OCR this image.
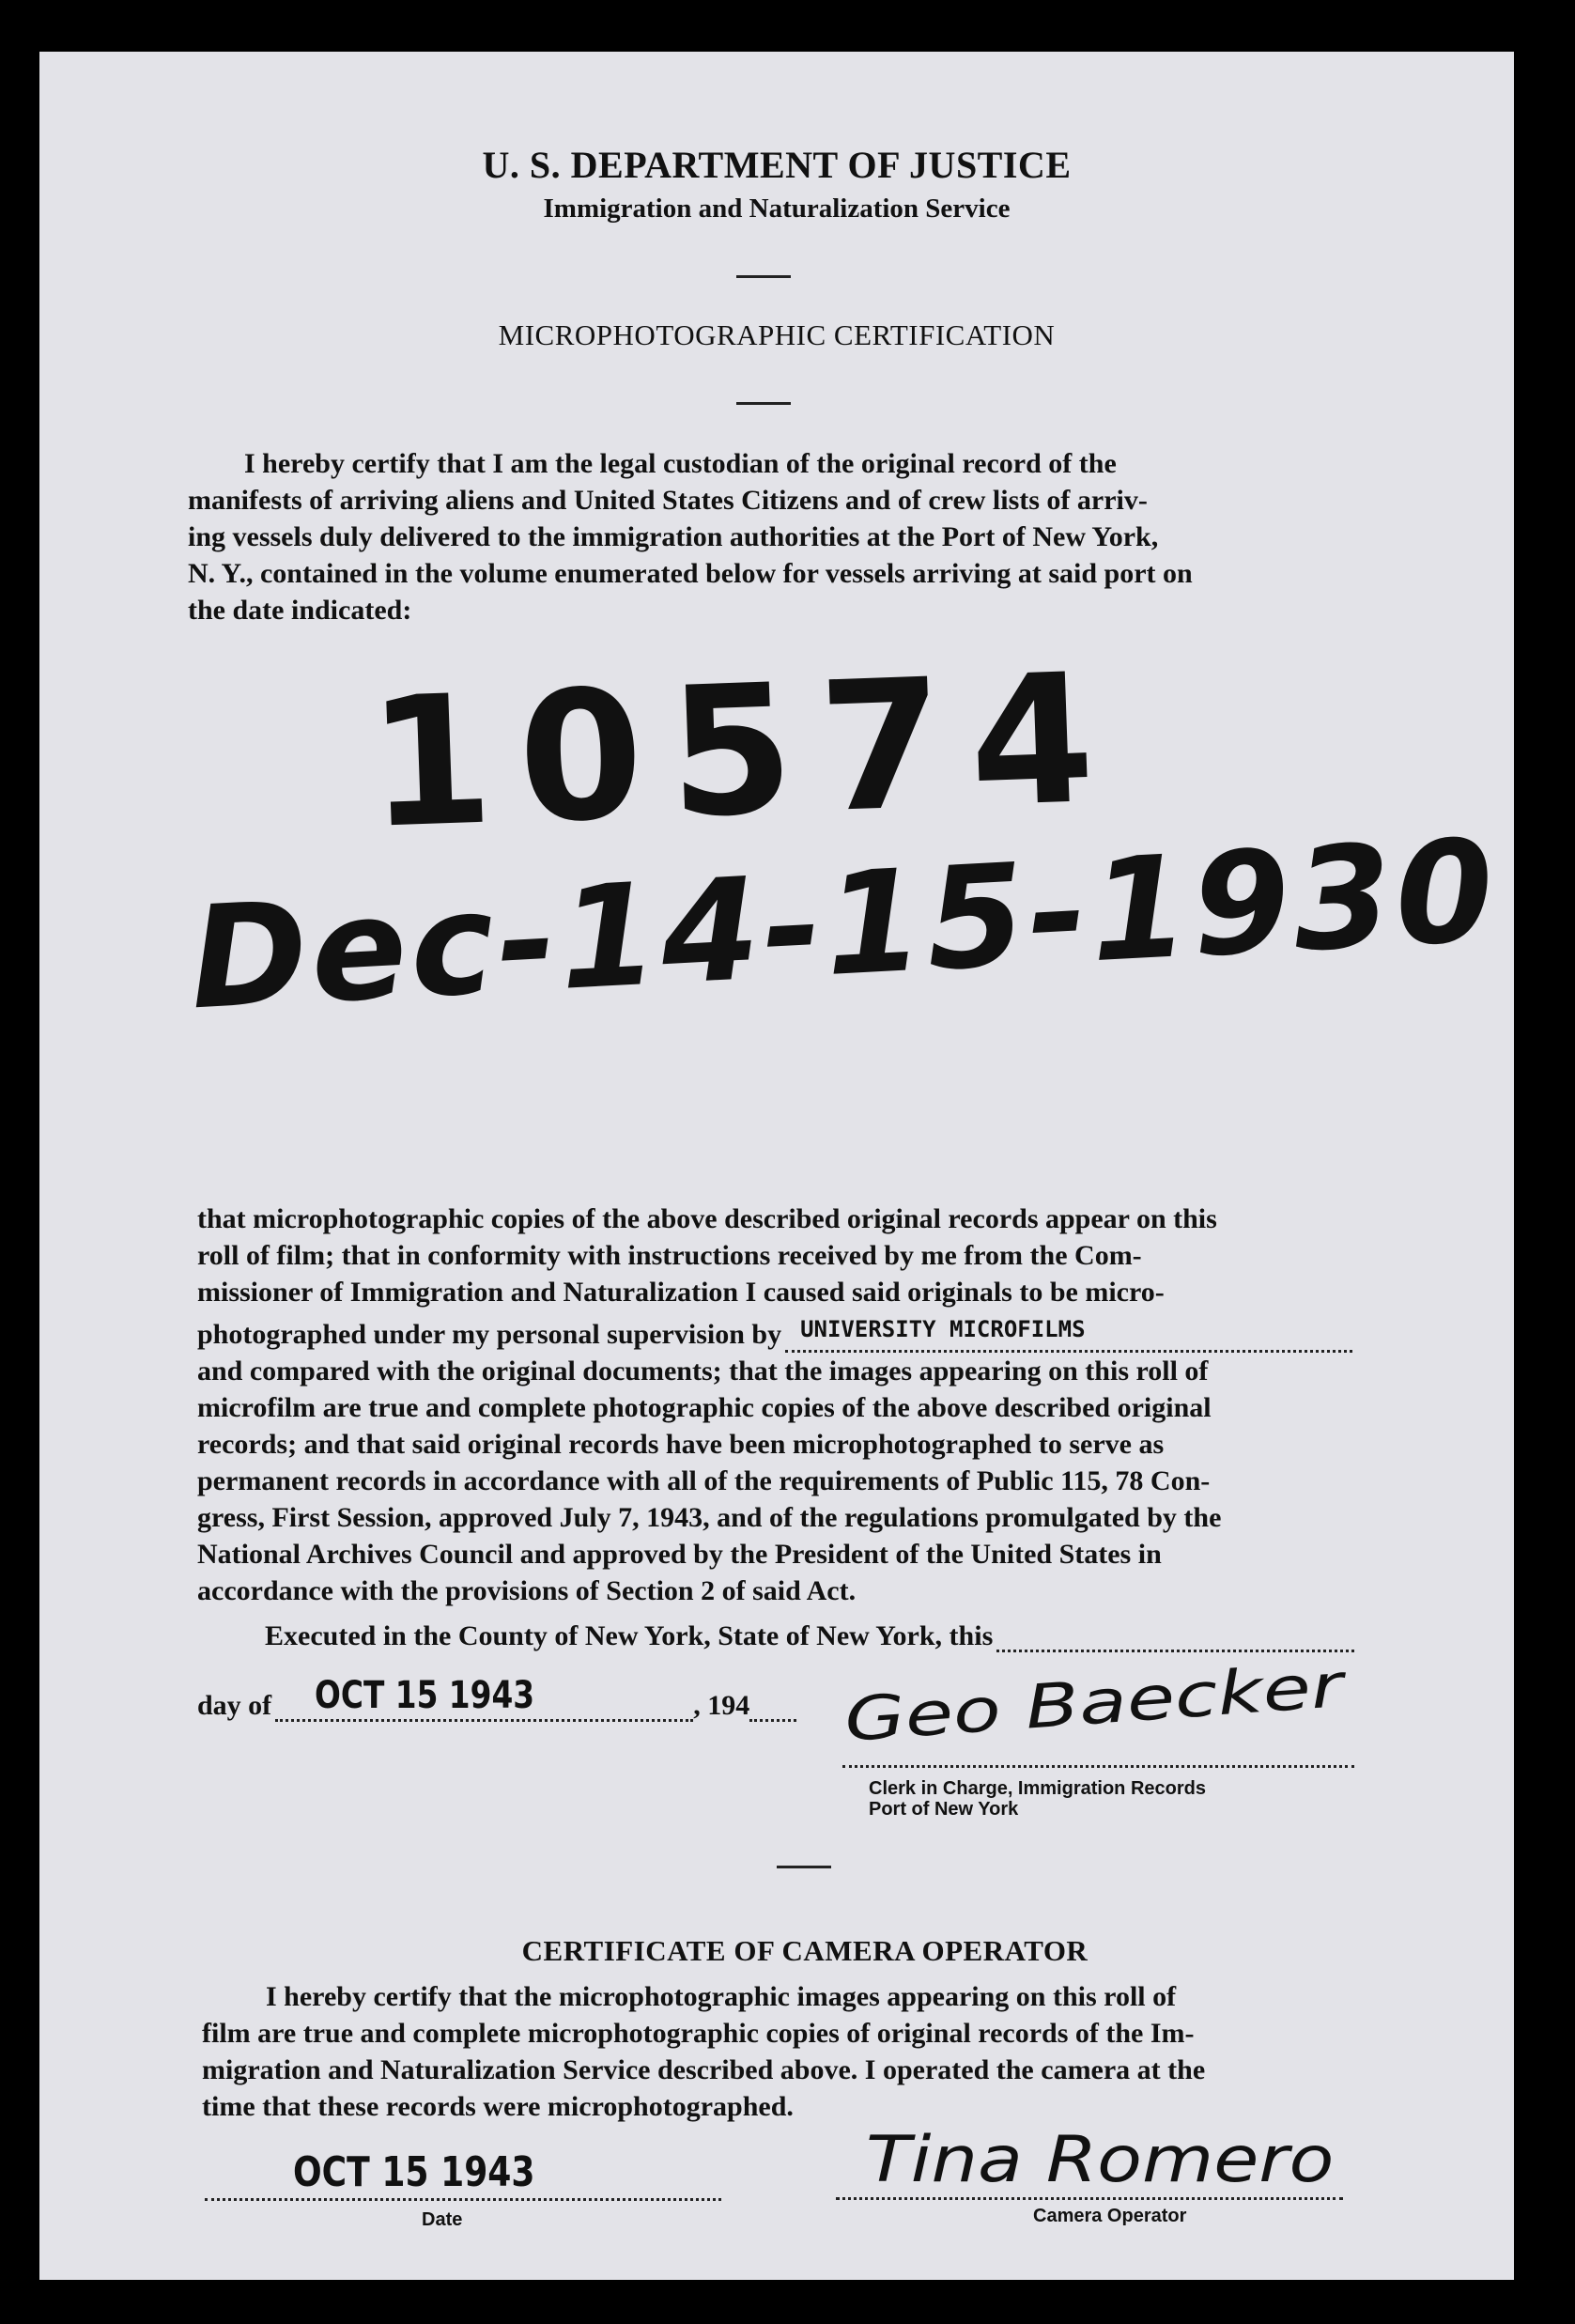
U. S. DEPARTMENT OF JUSTICE
Immigration and Naturalization Service
MICROPHOTOGRAPHIC CERTIFICATION
I hereby certify that I am the legal custodian of the original record of the
manifests of arriving aliens and United States Citizens and of crew lists of arriv-
ing vessels duly delivered to the immigration authorities at the Port of New York,
N. Y., contained in the volume enumerated below for vessels arriving at said port on
the date indicated:
10574
Dec-14-15-1930
that microphotographic copies of the above described original records appear on this
roll of film; that in conformity with instructions received by me from the Com-
missioner of Immigration and Naturalization I caused said originals to be micro-
photographed under my personal supervision by UNIVERSITY MICROFILMS
and compared with the original documents; that the images appearing on this roll of
microfilm are true and complete photographic copies of the above described original
records; and that said original records have been microphotographed to serve as
permanent records in accordance with all of the requirements of Public 115, 78 Con-
gress, First Session, approved July 7, 1943, and of the regulations promulgated by the
National Archives Council and approved by the President of the United States in
accordance with the provisions of Section 2 of said Act.
Executed in the County of New York, State of New York, this
day of OCT 15 1943	, 194 Geo Baecker
Clerk in Charge, Immigration Records
Port of New York
CERTIFICATE OF CAMERA OPERATOR
I hereby certify that the microphotographic images appearing on this roll of
film are true and complete microphotographic copies of original records of the Im-
migration and Naturalization Service described above. I operated the camera at the
time that these records were microphotographed.
OCT 15 1943
Date
Tina Romero
Camera Operator
